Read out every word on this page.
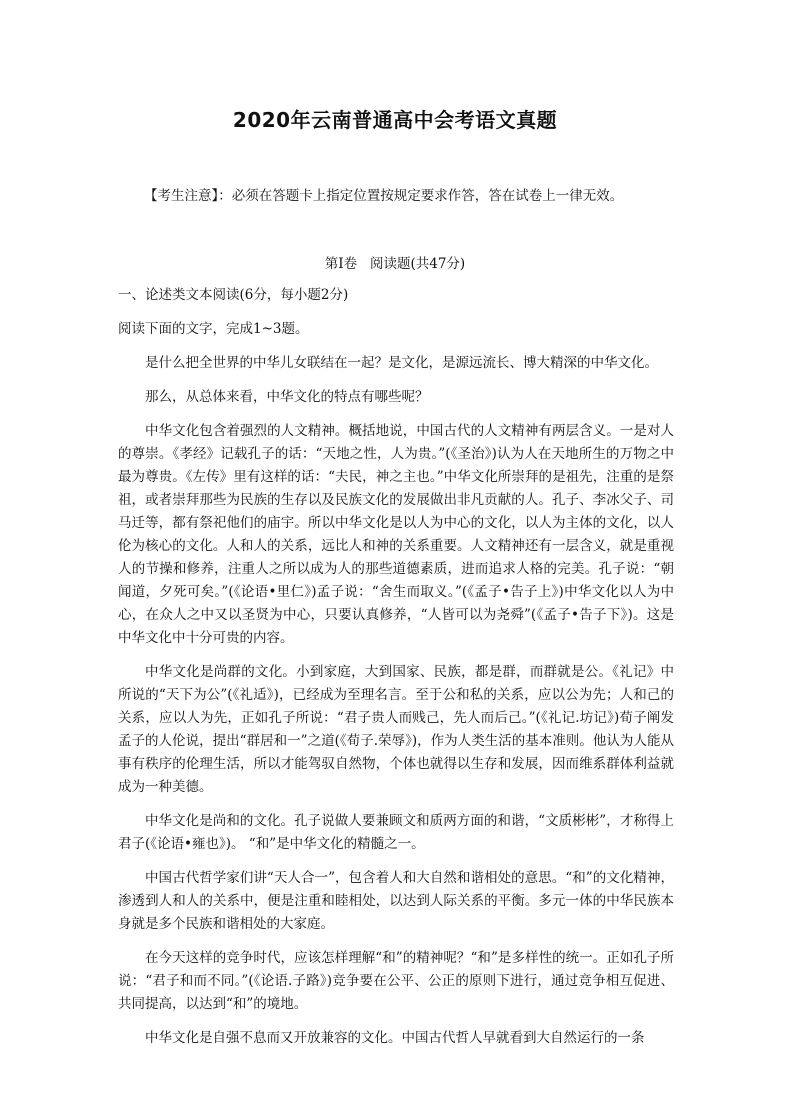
2020年云南普通高中会考语文真题
【考生注意】：必须在答题卡上指定位置按规定要求作答，答在试卷上一律无效。
第Ⅰ卷   阅读题(共47分)

一、论述类文本阅读(6分，每小题2分)

阅读下面的文字，完成1~3题。

是什么把全世界的中华儿女联结在一起？是文化，是源远流长、博大精深的中华文化。

那么，从总体来看，中华文化的特点有哪些呢？

中华文化包含着强烈的人文精神。概括地说，中国古代的人文精神有两层含义。一是对人的尊崇。《孝经》记载孔子的话：“天地之性，人为贵。”(《圣治》)认为人在天地所生的万物之中最为尊贵。《左传》里有这样的话：“夫民，神之主也。”中华文化所崇拜的是祖先，注重的是祭祖，或者崇拜那些为民族的生存以及民族文化的发展做出非凡贡献的人。孔子、李冰父子、司马迁等，都有祭祀他们的庙宇。所以中华文化是以人为中心的文化，以人为主体的文化，以人伦为核心的文化。人和人的关系，远比人和神的关系重要。人文精神还有一层含义，就是重视人的节操和修养，注重人之所以成为人的那些道德素质，进而追求人格的完美。孔子说：“朝闻道，夕死可矣。”(《论语•里仁》)孟子说：“舍生而取义。”(《孟子•告子上》)中华文化以人为中心，在众人之中又以圣贤为中心，只要认真修养，“人皆可以为尧舜”(《孟子•告子下》)。这是中华文化中十分可贵的内容。

中华文化是尚群的文化。小到家庭，大到国家、民族，都是群，而群就是公。《礼记》中所说的“天下为公”(《礼适》)，已经成为至理名言。至于公和私的关系，应以公为先；人和己的关系，应以人为先，正如孔子所说：“君子贵人而贱己，先人而后己。”(《礼记.坊记》)荀子阐发孟子的人伦说，提出“群居和一”之道(《荀子.荣辱》)，作为人类生活的基本准则。他认为人能从事有秩序的伦理生活，所以才能驾驭自然物，个体也就得以生存和发展，因而维系群体利益就成为一种美德。

中华文化是尚和的文化。孔子说做人要兼顾文和质两方面的和谐，“文质彬彬”，才称得上君子(《论语•雍也》)。 “和”是中华文化的精髓之一。

中国古代哲学家们讲“天人合一”，包含着人和大自然和谐相处的意思。“和”的文化精神，渗透到人和人的关系中，便是注重和睦相处，以达到人际关系的平衡。多元一体的中华民族本身就是多个民族和谐相处的大家庭。

在今天这样的竞争时代，应该怎样理解“和”的精神呢？“和”是多样性的统一。正如孔子所说：“君子和而不同。”(《论语.子路》)竞争要在公平、公正的原则下进行，通过竞争相互促进、共同提高，以达到“和”的境地。

中华文化是自强不息而又开放兼容的文化。中国古代哲人早就看到大自然运行的一条
